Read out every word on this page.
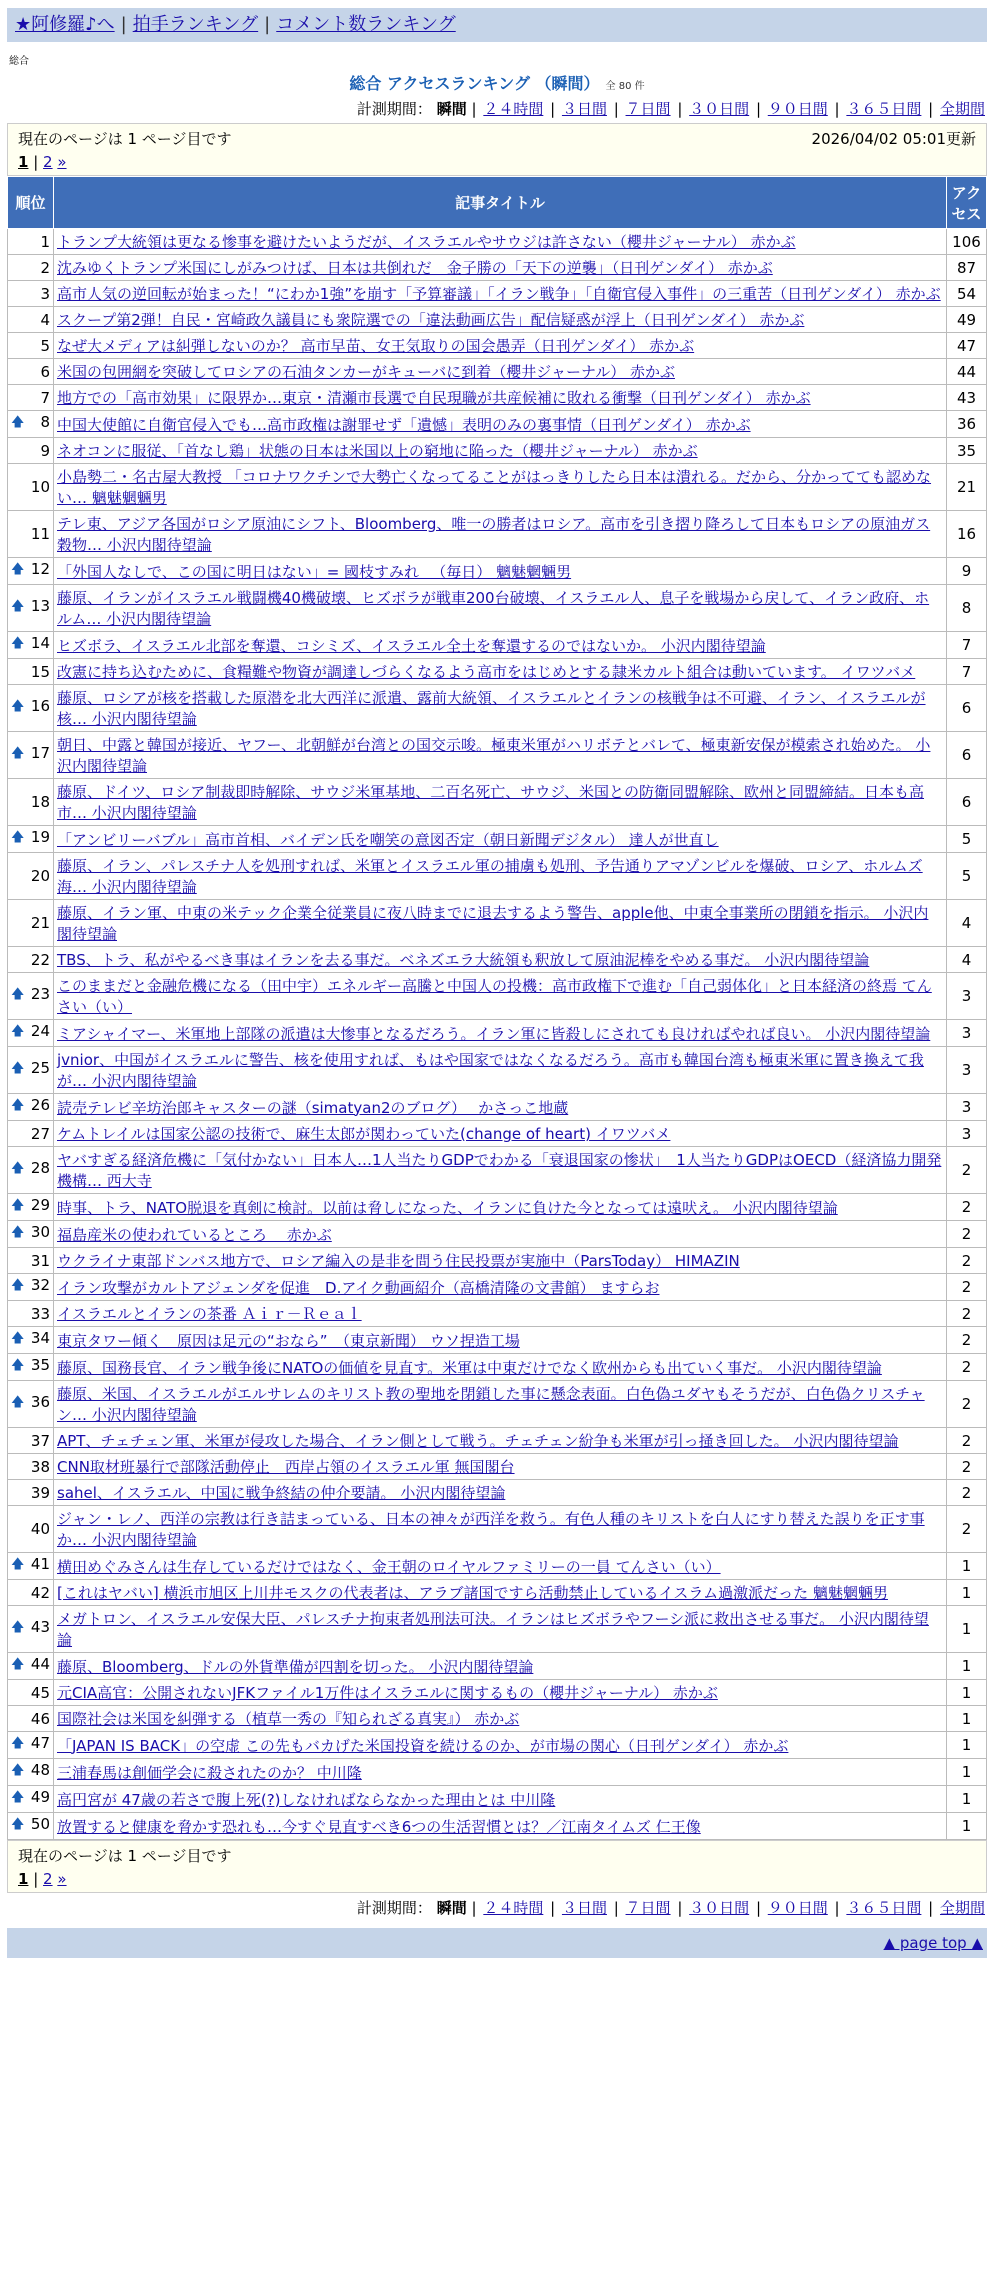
★阿修羅♪へ | 拍手ランキング | コメント数ランキング
総合
総合 アクセスランキング （瞬間） 全 80 件
計測期間： 瞬間 | ２４時間 | ３日間 | ７日間 | ３０日間 | ９０日間 | ３６５日間 | 全期間
現在のページは 1 ページ目です	2026/04/02 05:01更新
1 | 2 »
順位	記事タイトル	アクセス
1	トランプ大統領は更なる惨事を避けたいようだが、イスラエルやサウジは許さない（櫻井ジャーナル） 赤かぶ	106
2	沈みゆくトランプ米国にしがみつけば、日本は共倒れだ　金子勝の「天下の逆襲」（日刊ゲンダイ） 赤かぶ	87
3	高市人気の逆回転が始まった！“にわか1強”を崩す「予算審議」「イラン戦争」「自衛官侵入事件」の三重苦（日刊ゲンダイ） 赤かぶ	54
4	スクープ第2弾！自民・宮崎政久議員にも衆院選での「違法動画広告」配信疑惑が浮上（日刊ゲンダイ） 赤かぶ	49
5	なぜ大メディアは糾弾しないのか？ 高市早苗、女王気取りの国会愚弄（日刊ゲンダイ） 赤かぶ	47
6	米国の包囲網を突破してロシアの石油タンカーがキューバに到着（櫻井ジャーナル） 赤かぶ	44
7	地方での「高市効果」に限界か…東京・清瀬市長選で自民現職が共産候補に敗れる衝撃（日刊ゲンダイ） 赤かぶ	43

🡅 8	中国大使館に自衛官侵入でも…高市政権は謝罪せず「遺憾」表明のみの裏事情（日刊ゲンダイ） 赤かぶ	36
9	ネオコンに服従、「首なし鶏」状態の日本は米国以上の窮地に陥った（櫻井ジャーナル） 赤かぶ	35
10	小島勢二・名古屋大教授 「コロナワクチンで大勢亡くなってることがはっきりしたら日本は潰れる。だから、分かってても認めない… 魑魅魍魎男	21
11	テレ東、アジア各国がロシア原油にシフト、Bloomberg、唯一の勝者はロシア。高市を引き摺り降ろして日本もロシアの原油ガス穀物… 小沢内閣待望論	16

🡅 12	「外国人なしで、この国に明日はない」= 國枝すみれ 　（毎日） 魑魅魍魎男	9

🡅 13	藤原、イランがイスラエル戦闘機40機破壊、ヒズボラが戦車200台破壊、イスラエル人、息子を戦場から戻して、イラン政府、ホルム… 小沢内閣待望論	8

🡅 14	ヒズボラ、イスラエル北部を奪還、コシミズ、イスラエル全土を奪還するのではないか。 小沢内閣待望論	7
15	改憲に持ち込むために、食糧難や物資が調達しづらくなるよう高市をはじめとする隷米カルト組合は動いています。 イワツバメ	7

🡅 16	藤原、ロシアが核を搭載した原潜を北大西洋に派遣、露前大統領、イスラエルとイランの核戦争は不可避、イラン、イスラエルが核… 小沢内閣待望論	6

🡅 17	朝日、中露と韓国が接近、ヤフー、北朝鮮が台湾との国交示唆。極東米軍がハリボテとバレて、極東新安保が模索され始めた。 小沢内閣待望論	6
18	藤原、ドイツ、ロシア制裁即時解除、サウジ米軍基地、二百名死亡、サウジ、米国との防衛同盟解除、欧州と同盟締結。日本も高市… 小沢内閣待望論	6

🡅 19	「アンビリーバブル」高市首相、バイデン氏を嘲笑の意図否定（朝日新聞デジタル） 達人が世直し	5
20	藤原、イラン、パレスチナ人を処刑すれば、米軍とイスラエル軍の捕虜も処刑、予告通りアマゾンビルを爆破、ロシア、ホルムズ海… 小沢内閣待望論	5
21	藤原、イラン軍、中東の米テック企業全従業員に夜八時までに退去するよう警告、apple他、中東全事業所の閉鎖を指示。 小沢内閣待望論	4
22	TBS、トラ、私がやるべき事はイランを去る事だ。ベネズエラ大統領も釈放して原油泥棒をやめる事だ。 小沢内閣待望論	4

🡅 23	このままだと金融危機になる（田中宇）エネルギー高騰と中国人の投機：高市政権下で進む「自己弱体化」と日本経済の終焉 てんさい（い）	3

🡅 24	ミアシャイマー、米軍地上部隊の派遣は大惨事となるだろう。イラン軍に皆殺しにされても良ければやれば良い。 小沢内閣待望論	3

🡅 25	jvnior、中国がイスラエルに警告、核を使用すれば、もはや国家ではなくなるだろう。高市も韓国台湾も極東米軍に置き換えて我が… 小沢内閣待望論	3

🡅 26	読売テレビ辛坊治郎キャスターの謎（simatyan2のブログ）　 かさっこ地蔵	3
27	ケムトレイルは国家公認の技術で、麻生太郎が関わっていた(change of heart) イワツバメ	3

🡅 28	ヤバすぎる経済危機に「気付かない」日本人…1人当たりGDPでわかる「衰退国家の惨状」　1人当たりGDPはOECD（経済協力開発機構… 西大寺	2

🡅 29	時事、トラ、NATO脱退を真剣に検討。以前は脅しになった、イランに負けた今となっては遠吠え。 小沢内閣待望論	2

🡅 30	福島産米の使われているところ　 赤かぶ	2
31	ウクライナ東部ドンバス地方で、ロシア編入の是非を問う住民投票が実施中（ParsToday） HIMAZIN	2

🡅 32	イラン攻撃がカルトアジェンダを促進　D.アイク動画紹介（高橋清隆の文書館） ますらお	2
33	イスラエルとイランの茶番 Ａｉｒ－Ｒｅａｌ	2

🡅 34	東京タワー傾く　原因は足元の“おなら”　（東京新聞） ウソ捏造工場	2

🡅 35	藤原、国務長官、イラン戦争後にNATOの価値を見直す。米軍は中東だけでなく欧州からも出ていく事だ。 小沢内閣待望論	2

🡅 36	藤原、米国、イスラエルがエルサレムのキリスト教の聖地を閉鎖した事に懸念表面。白色偽ユダヤもそうだが、白色偽クリスチャン… 小沢内閣待望論	2
37	APT、チェチェン軍、米軍が侵攻した場合、イラン側として戦う。チェチェン紛争も米軍が引っ掻き回した。 小沢内閣待望論	2
38	CNN取材班暴行で部隊活動停止　西岸占領のイスラエル軍 無国閣台	2
39	sahel、イスラエル、中国に戦争終結の仲介要請。 小沢内閣待望論	2
40	ジャン・レノ、西洋の宗教は行き詰まっている、日本の神々が西洋を救う。有色人種のキリストを白人にすり替えた誤りを正す事か… 小沢内閣待望論	2

🡅 41	横田めぐみさんは生存しているだけではなく、金王朝のロイヤルファミリーの一員 てんさい（い）	1
42	[これはヤバい] 横浜市旭区上川井モスクの代表者は、アラブ諸国ですら活動禁止しているイスラム過激派だった 魑魅魍魎男	1

🡅 43	メガトロン、イスラエル安保大臣、パレスチナ拘束者処刑法可決。イランはヒズボラやフーシ派に救出させる事だ。 小沢内閣待望論	1

🡅 44	藤原、Bloomberg、ドルの外貨準備が四割を切った。 小沢内閣待望論	1
45	元CIA高官：公開されないJFKファイル1万件はイスラエルに関するもの（櫻井ジャーナル） 赤かぶ	1
46	国際社会は米国を糾弾する（植草一秀の『知られざる真実』） 赤かぶ	1

🡅 47	「JAPAN IS BACK」の空虚 この先もバカげた米国投資を続けるのか、が市場の関心（日刊ゲンダイ） 赤かぶ	1

🡅 48	三浦春馬は創価学会に殺されたのか？ 中川隆	1

🡅 49	高円宮が 47歳の若さで腹上死(?)しなければならなかった理由とは 中川隆	1

🡅 50	放置すると健康を脅かす恐れも…今すぐ見直すべき6つの生活習慣とは？／江南タイムズ 仁王像	1
現在のページは 1 ページ目です
1 | 2 »
計測期間： 瞬間 | ２４時間 | ３日間 | ７日間 | ３０日間 | ９０日間 | ３６５日間 | 全期間
▲ page top ▲
